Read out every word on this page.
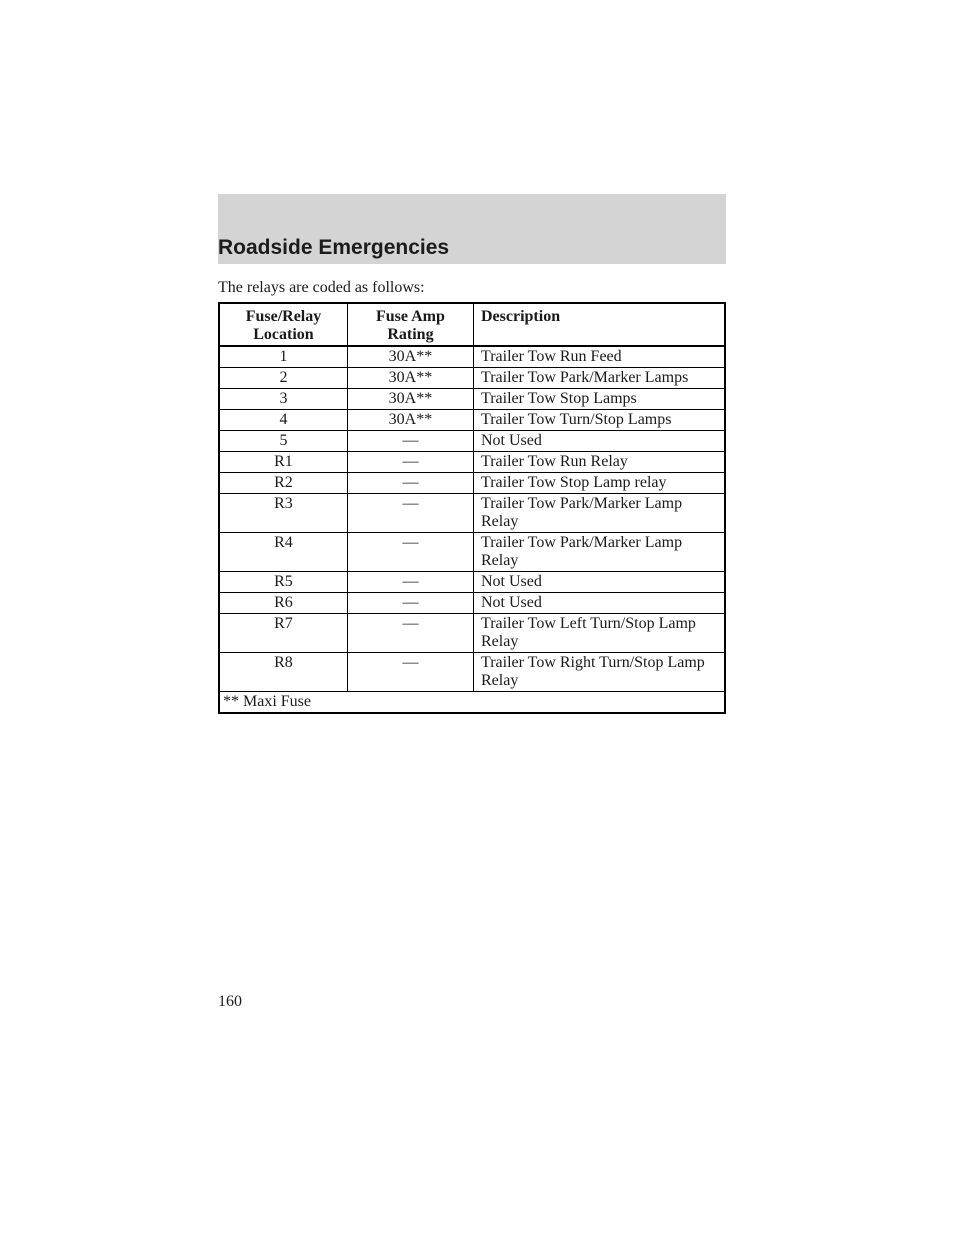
Roadside Emergencies
The relays are coded as follows:
Fuse/Relay Location	Fuse Amp Rating	Description
1	30A**	Trailer Tow Run Feed

2	30A**	Trailer Tow Park/Marker Lamps

3	30A**	Trailer Tow Stop Lamps

4	30A**	Trailer Tow Turn/Stop Lamps

5	—	Not Used

R1	—	Trailer Tow Run Relay

R2	—	Trailer Tow Stop Lamp relay

R3	—	Trailer Tow Park/Marker Lamp Relay

R4	—	Trailer Tow Park/Marker Lamp Relay

R5	—	Not Used

R6	—	Not Used

R7	—	Trailer Tow Left Turn/Stop Lamp Relay

R8	—	Trailer Tow Right Turn/Stop Lamp Relay

** Maxi Fuse		
160
